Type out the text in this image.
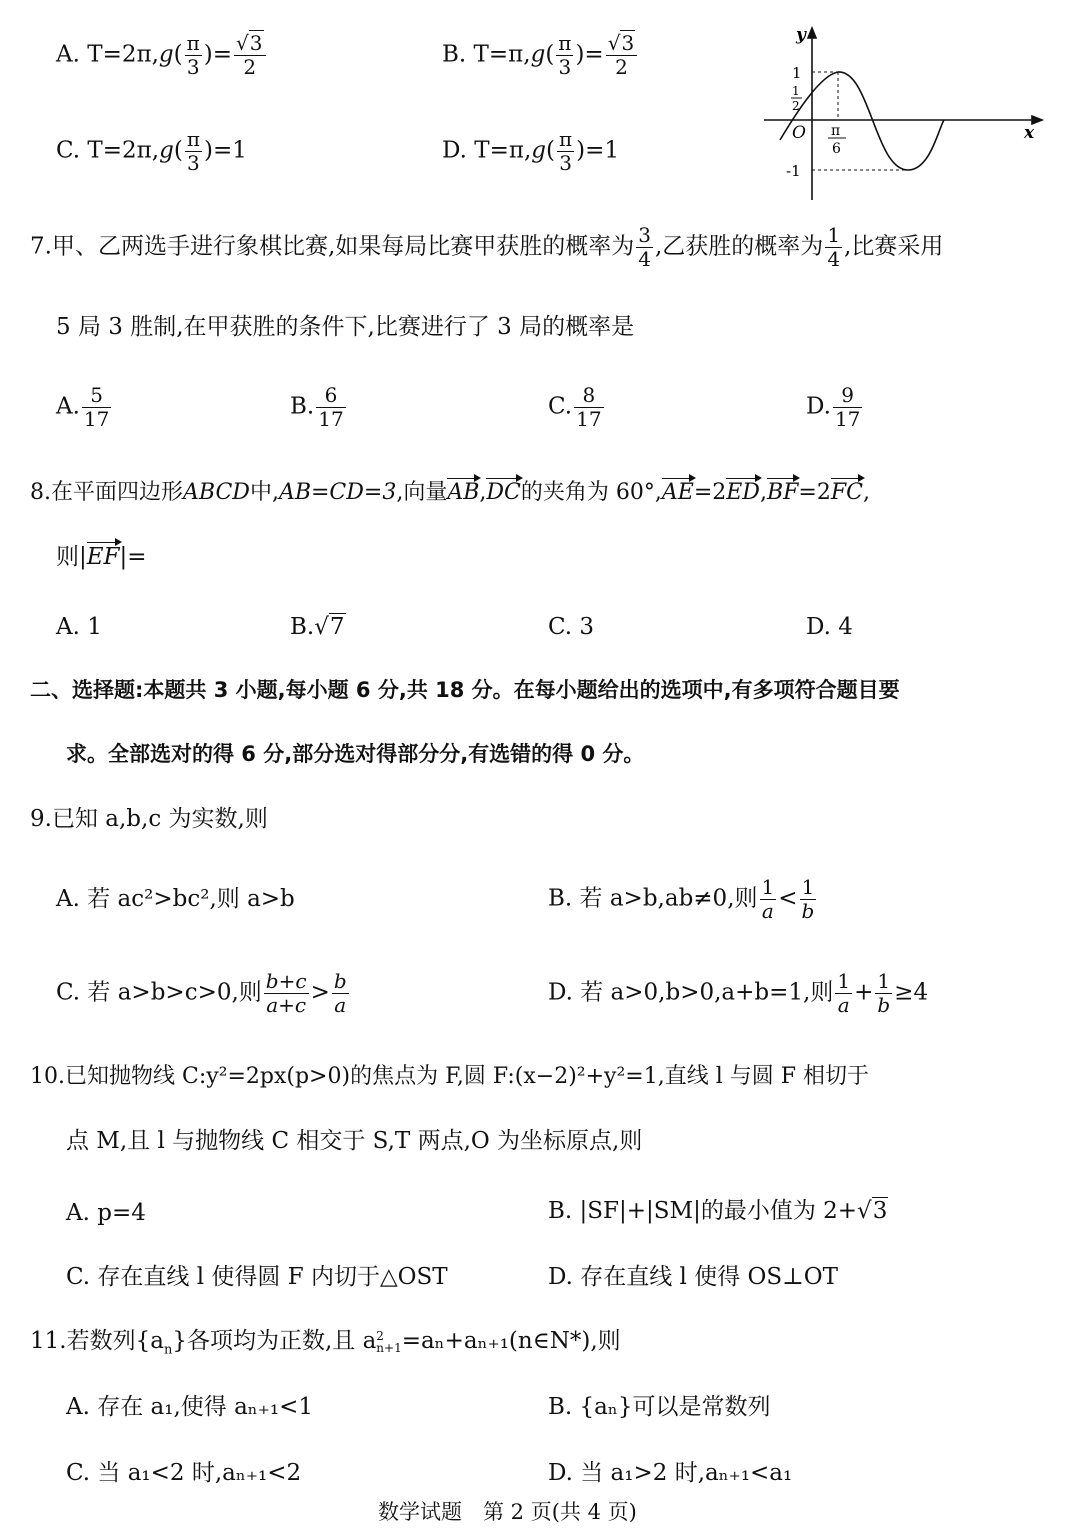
A. $T=2\pi,g( \frac{\pi}{3}$ )= $\frac{√3}{2}$	B. $T=\pi,g( \frac{\pi}{3}$ )= $\frac{√3}{2}$
C. $T=2\pi,g( \frac{\pi}{3} )=1$	D. $T=\pi,g( \frac{\pi}{3} )=1$
y
x
O
1
1
2
π
6
-1
7.甲、乙两选手进行象棋比赛,如果每局比赛甲获胜的概率为 $\frac{3}{4}$ ,乙获胜的概率为 $\frac{1}{4}$ ,比赛采用
5 局 3 胜制,在甲获胜的条件下,比赛进行了 3 局的概率是
A. $\frac{5}{17}$	B. $\frac{6}{17}$	C. $\frac{8}{17}$	D. $\frac{9}{17}$
8.在平面四边形ABCD中,AB=CD=3,向量AB,DC的夹角为 60°,AE=2ED,BF=2FC,
则|EF|=
A. 1	B.√7	C. 3	D. 4
二、选择题:本题共 3 小题,每小题 6 分,共 18 分。在每小题给出的选项中,有多项符合题目要
求。全部选对的得 6 分,部分选对得部分分,有选错的得 0 分。
9.已知 a,b,c 为实数,则
A. 若 ac²>bc²,则 a>b	B. 若 a>b,ab≠0,则 $\frac{1}{a} < \frac{1}{b}$
C. 若 a>b>c>0,则 $\frac{b+c}{a+c} > \frac{b}{a}$	D. 若 a>0,b>0,a+b=1,则 $\frac{1}{a} + \frac{1}{b} \ge 4$
10.已知抛物线 C:y²=2px(p>0)的焦点为 F,圆 F:(x−2)²+y²=1,直线 l 与圆 F 相切于
点 M,且 l 与抛物线 C 相交于 S,T 两点,O 为坐标原点,则
A. p=4	B. |SF|+|SM|的最小值为 2+√3
C. 存在直线 l 使得圆 F 内切于△OST	D. 存在直线 l 使得 OS⊥OT
11.若数列$\{a_n\}$各项均为正数,且 a 2
n+1 =aₙ+aₙ₊₁(n∈N*),则
A. 存在 a₁,使得 aₙ₊₁<1	B. {aₙ}可以是常数列
C. 当 a₁<2 时,aₙ₊₁<2	D. 当 a₁>2 时,aₙ₊₁<a₁
数学试题　第 2 页(共 4 页)
